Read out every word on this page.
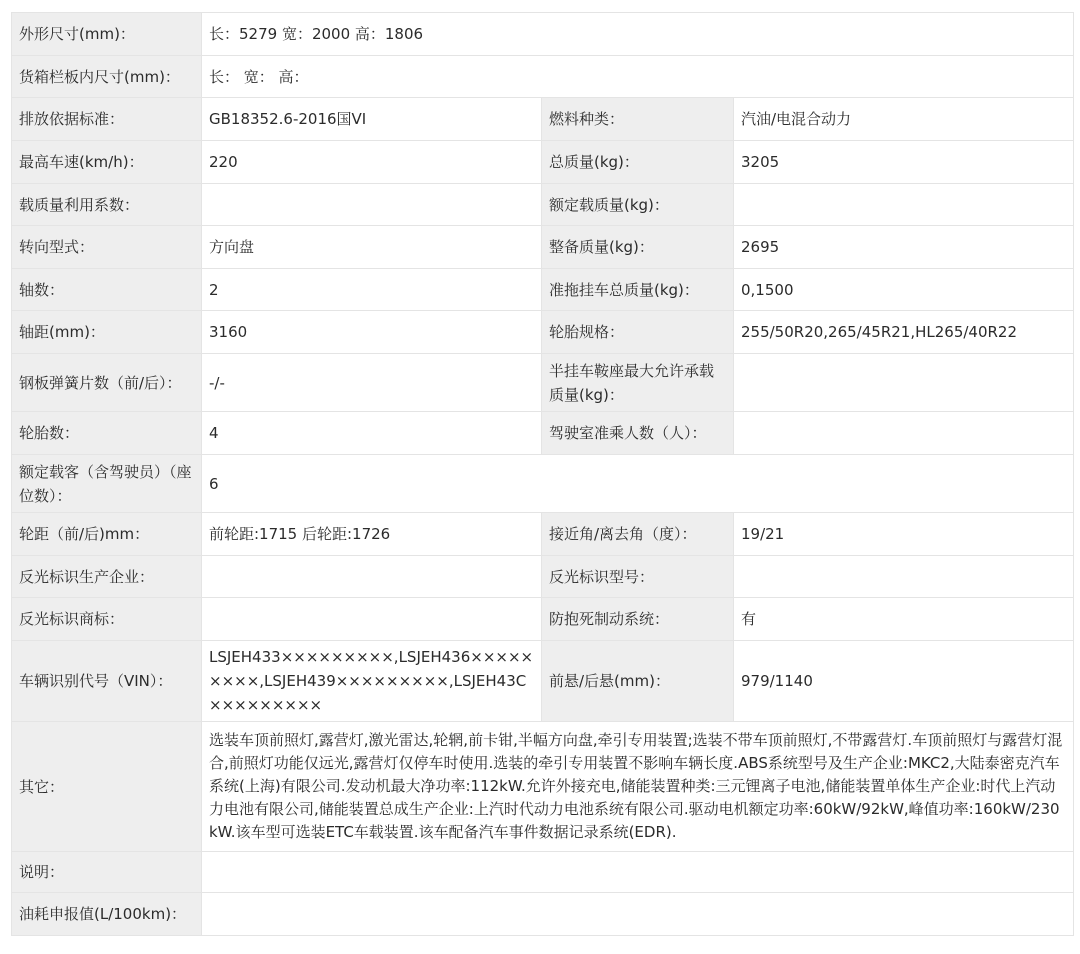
外形尺寸(mm)：	长：5279 宽：2000 高：1806		
货箱栏板内尺寸(mm)：	长： 宽： 高：		
排放依据标准：	GB18352.6-2016国VI	燃料种类：	汽油/电混合动力
最高车速(km/h)：	220	总质量(kg)：	3205
载质量利用系数：		额定载质量(kg)：	
转向型式：	方向盘	整备质量(kg)：	2695
轴数：	2	准拖挂车总质量(kg)：	0,1500
轴距(mm)：	3160	轮胎规格：	255/50R20,265/45R21,HL265/40R22
钢板弹簧片数（前/后）：	-/-	半挂车鞍座最大允许承载质量(kg)：	
轮胎数：	4	驾驶室准乘人数（人）：	
额定载客（含驾驶员）（座位数）：	6		
轮距（前/后)mm：	前轮距:1715 后轮距:1726	接近角/离去角（度）：	19/21
反光标识生产企业：		反光标识型号：	
反光标识商标：		防抱死制动系统：	有
车辆识别代号（VIN）：	LSJEH433×××××××××,LSJEH436×××××××××,LSJEH439×××××××××,LSJEH43C×××××××××	前悬/后悬(mm)：	979/1140
其它：	选装车顶前照灯,露营灯,激光雷达,轮辋,前卡钳,半幅方向盘,牵引专用装置;选装不带车顶前照灯,不带露营灯.车顶前照灯与露营灯混合,前照灯功能仅远光,露营灯仅停车时使用.选装的牵引专用装置不影响车辆长度.ABS系统型号及生产企业:MKC2,大陆泰密克汽车系统(上海)有限公司.发动机最大净功率:112kW.允许外接充电,储能装置种类:三元锂离子电池,储能装置单体生产企业:时代上汽动力电池有限公司,储能装置总成生产企业:上汽时代动力电池系统有限公司.驱动电机额定功率:60kW/92kW,峰值功率:160kW/230kW.该车型可选装ETC车载装置.该车配备汽车事件数据记录系统(EDR).		
说明：			
油耗申报值(L/100km)：			
